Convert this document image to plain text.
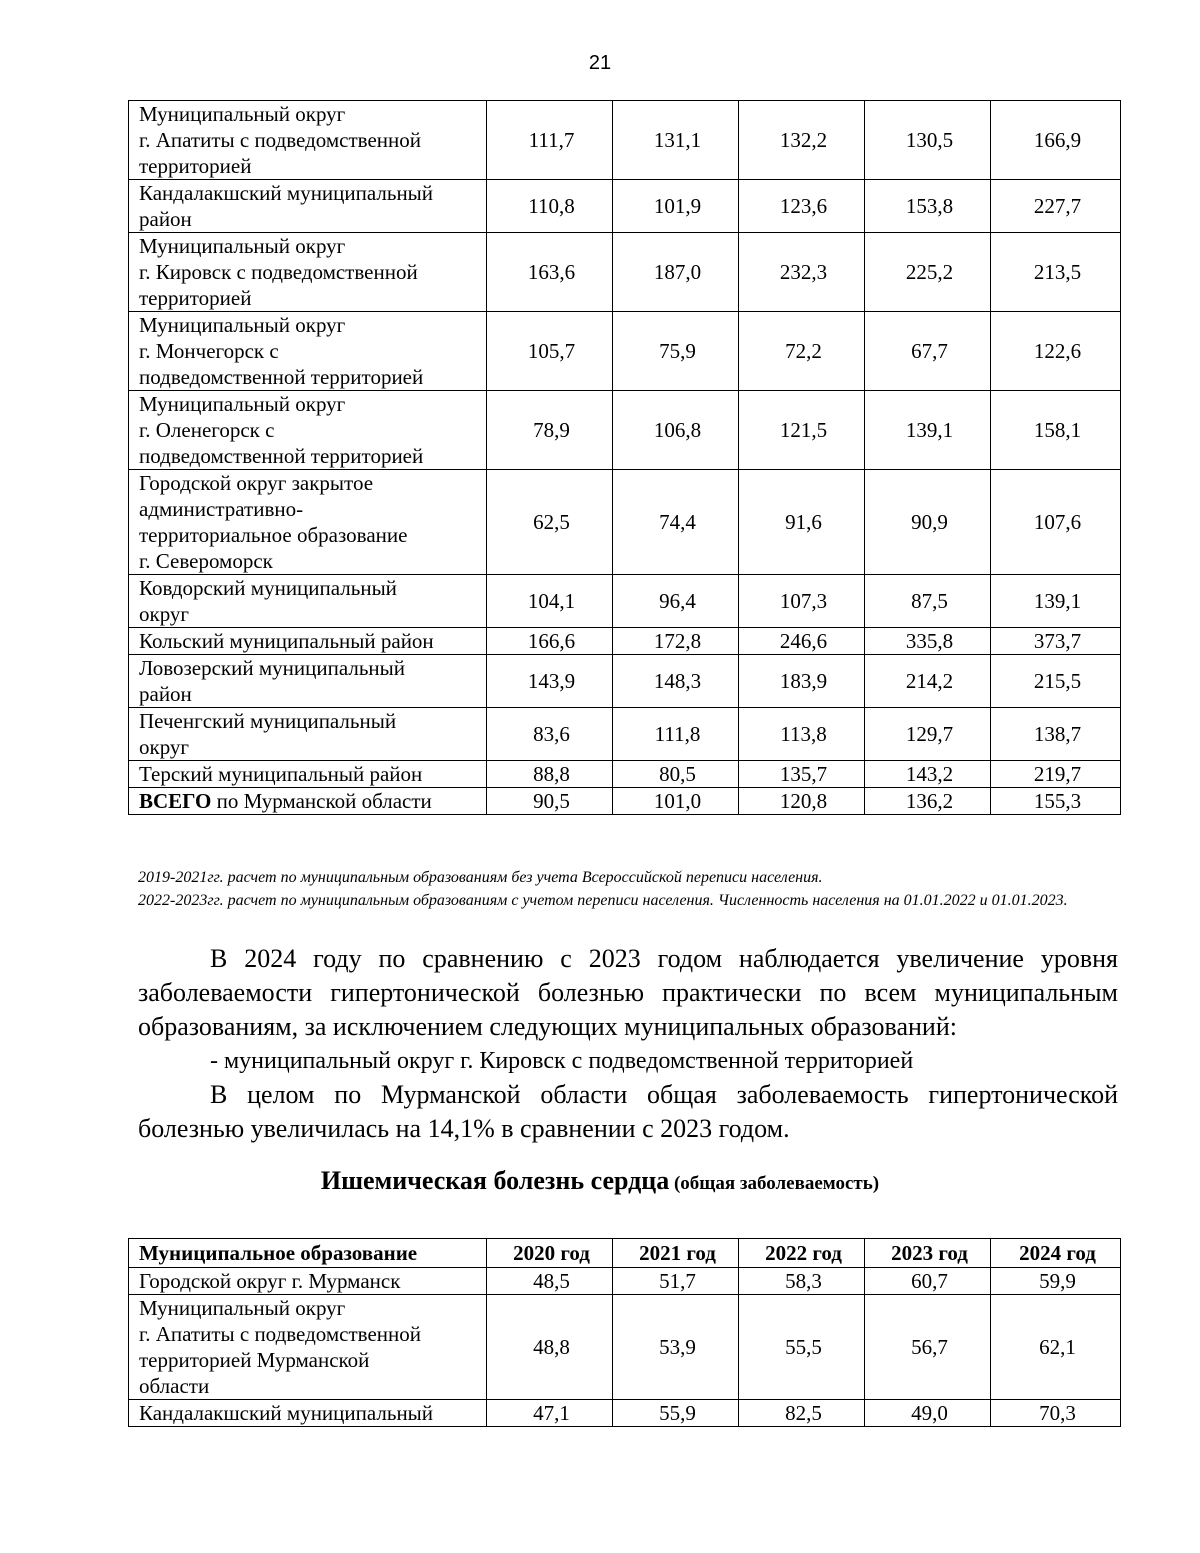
21
Муниципальный округ
г. Апатиты с подведомственной
территорией	111,7	131,1	132,2	130,5	166,9
Кандалакшский муниципальный
район	110,8	101,9	123,6	153,8	227,7
Муниципальный округ
г. Кировск с подведомственной
территорией	163,6	187,0	232,3	225,2	213,5
Муниципальный округ
г. Мончегорск с
подведомственной территорией	105,7	75,9	72,2	67,7	122,6
Муниципальный округ
г. Оленегорск с
подведомственной территорией	78,9	106,8	121,5	139,1	158,1
Городской округ закрытое
административно-
территориальное образование
г. Североморск	62,5	74,4	91,6	90,9	107,6
Ковдорский муниципальный
округ	104,1	96,4	107,3	87,5	139,1
Кольский муниципальный район	166,6	172,8	246,6	335,8	373,7
Ловозерский муниципальный
район	143,9	148,3	183,9	214,2	215,5
Печенгский муниципальный
округ	83,6	111,8	113,8	129,7	138,7
Терский муниципальный район	88,8	80,5	135,7	143,2	219,7
ВСЕГО по Мурманской области	90,5	101,0	120,8	136,2	155,3
2019-2021гг. расчет по муниципальным образованиям без учета Всероссийской переписи населения.
2022-2023гг. расчет по муниципальным образованиям с учетом переписи населения. Численность населения на 01.01.2022 и 01.01.2023.

В 2024 году по сравнению с 2023 годом наблюдается увеличение уровня заболеваемости гипертонической болезнью практически по всем муниципальным образованиям, за исключением следующих муниципальных образований:

- муниципальный округ г. Кировск с подведомственной территорией

В целом по Мурманской области общая заболеваемость гипертонической болезнью увеличилась на 14,1% в сравнении с 2023 годом.

Ишемическая болезнь сердца (общая заболеваемость)
Муниципальное образование	2020 год	2021 год	2022 год	2023 год	2024 год
Городской округ г. Мурманск	48,5	51,7	58,3	60,7	59,9
Муниципальный округ
г. Апатиты с подведомственной
территорией Мурманской
области	48,8	53,9	55,5	56,7	62,1
Кандалакшский муниципальный	47,1	55,9	82,5	49,0	70,3
